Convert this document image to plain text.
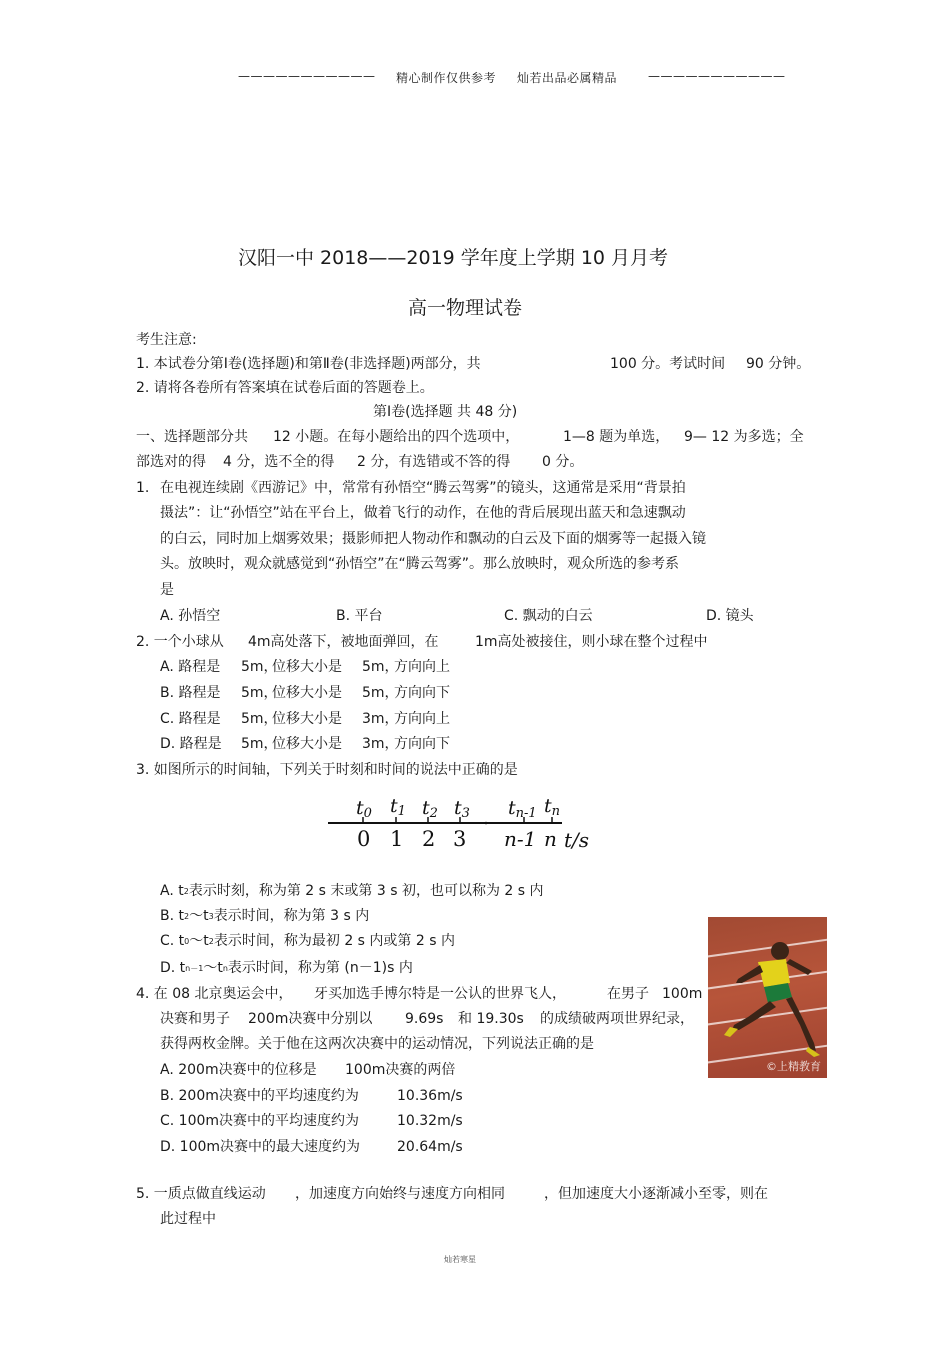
——————————— 精心制作仅供参考 灿若出品必属精品	———————————
汉阳一中 2018——2019 学年度上学期 10 月月考
高一物理试卷
考生注意:
1. 本试卷分第Ⅰ卷(选择题)和第Ⅱ卷(非选择题)两部分，共	100 分。考试时间 90 分钟。
2. 请将各卷所有答案填在试卷后面的答题卷上。
第Ⅰ卷(选择题 共 48 分)
一、选择题部分共 12 小题。在每小题给出的四个选项中，	1—8 题为单选， 9— 12 为多选；全
部选对的得 4 分，选不全的得 2 分，有选错或不答的得 0 分。
1. 在电视连续剧《西游记》中，常常有孙悟空“腾云驾雾”的镜头，这通常是采用“背景拍
摄法”：让“孙悟空”站在平台上，做着飞行的动作，在他的背后展现出蓝天和急速飘动
的白云，同时加上烟雾效果；摄影师把人物动作和飘动的白云及下面的烟雾等一起摄入镜
头。放映时，观众就感觉到“孙悟空”在“腾云驾雾”。那么放映时，观众所选的参考系
是
A. 孙悟空	B. 平台	C. 飘动的白云	D. 镜头
2. 一个小球从 4m高处落下，被地面弹回，在	1m高处被接住，则小球在整个过程中
A. 路程是 5m，
位移大小是 5m，
方向向上
B. 路程是 5m，
位移大小是 5m，
方向向下
C. 路程是 5m，
位移大小是 3m，
方向向上
D. 路程是 5m，
位移大小是 3m，
方向向下
3. 如图所示的时间轴，下列关于时刻和时间的说法中正确的是
t/s
t0 t1 t2 t3 tn-1 tn
0 1 2 3 n-1 n
A. t2表示时刻，称为第 2 s 末或第 3 s 初，也可以称为 2 s 内
B. t2～t3表示时间，称为第 3 s 内
C. t0～t2表示时间，称为最初 2 s 内或第 2 s 内
D. tn－1～tn表示时间，称为第 (n－1)s 内
©上精教育
4. 在 08 北京奥运会中， 牙买加选手博尔特是一公认的世界飞人，	在男子 100m
决赛和男子 200m决赛中分别以 9.69s 和 19.30s 的成绩破两项世界纪录，
获得两枚金牌。关于他在这两次决赛中的运动情况，下列说法正确的是
A. 200m决赛中的位移是 100m决赛的两倍
B. 200m决赛中的平均速度约为	10.36m/s
C. 100m决赛中的平均速度约为	10.32m/s
D. 100m决赛中的最大速度约为	20.64m/s
5. 一质点做直线运动 ，加速度方向始终与速度方向相同	，但加速度大小逐渐减小至零，则在
此过程中
灿若寒星
